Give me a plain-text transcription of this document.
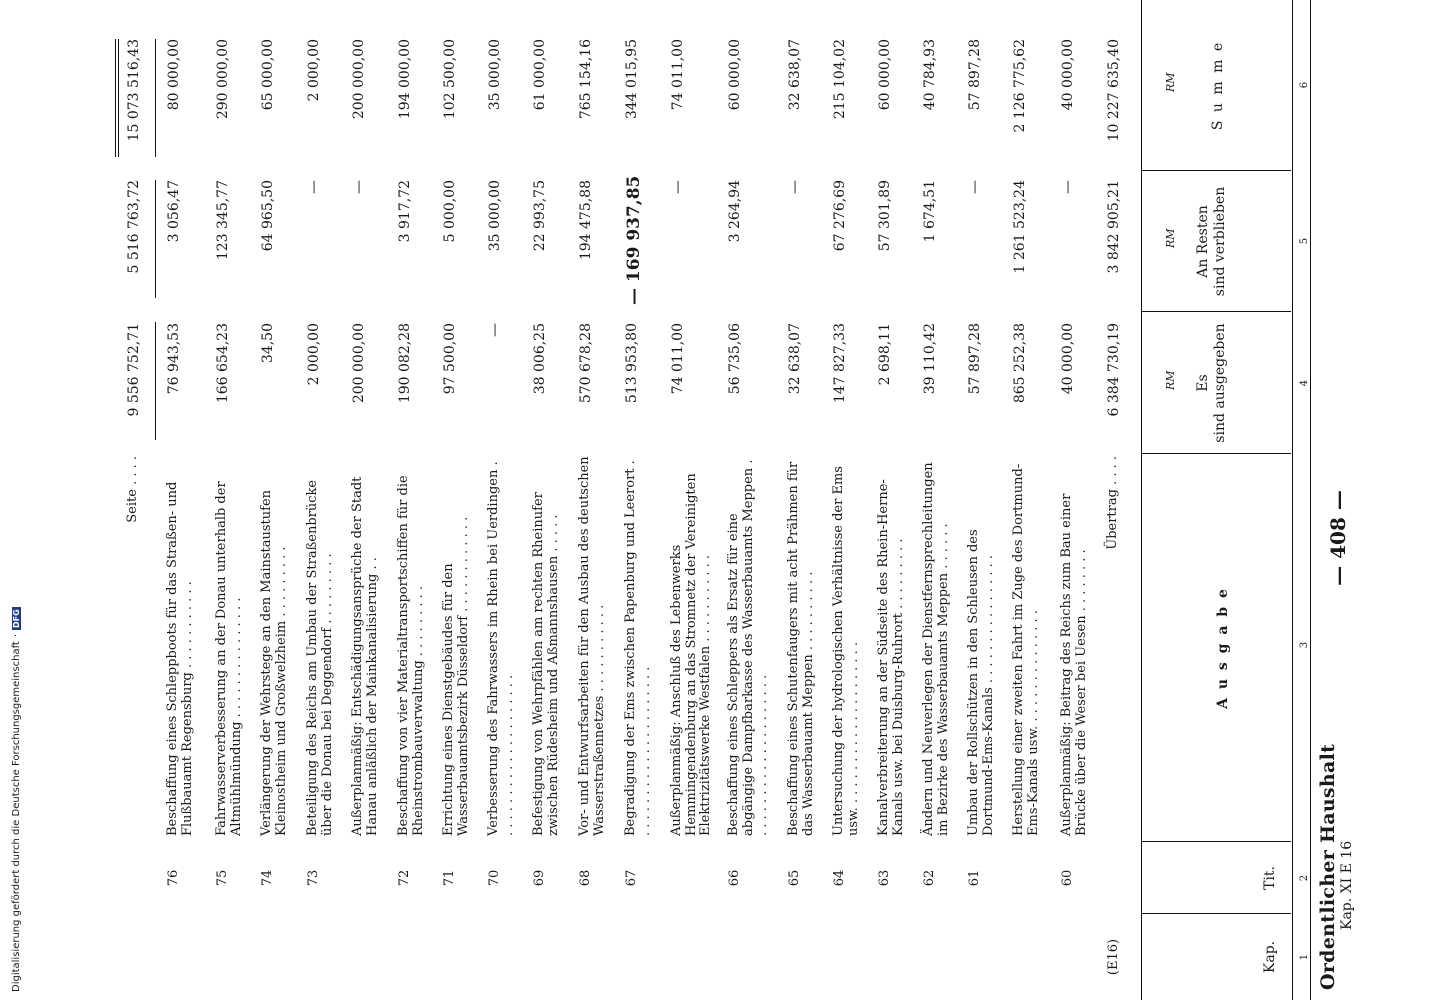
Digitalisierung gefördert durch die Deutsche Forschungsgemeinschaft
·
DFG
Ordentlicher Haushalt Kap. XI E 16
— 408 —
1
2
3
4
5
6
Kap.
Tit.
A u s g a b e
Es
sind ausgegeben
An Resten
sind verblieben
S u m m e
RM
RM
RM
(E16)
Übertrag . . . .
6 384 730,19
3 842 905,21
10 227 635,40
60
Außerplanmäßig: Beitrag des Reichs zum Bau einer Brücke über die Weser bei Uesen . . . . . . . .
40 000,00
—
40 000,00
Herstellung einer zweiten Fahrt im Zuge des Dortmund-Ems-Kanals usw. . . . . . . . . . . . . . .
865 252,38
1 261 523,24
2 126 775,62
61
Umbau der Rollschützen in den Schleusen des Dortmund-Ems-Kanals . . . . . . . . . . . . . . . .
57 897,28
—
57 897,28
62
Ändern und Neuverlegen der Dienstfernsprechleitungen im Bezirke des Wasserbauamts Meppen . . . . . .
39 110,42
1 674,51
40 784,93
63
Kanalverbreiterung an der Südseite des Rhein-Herne-Kanals usw. bei Duisburg-Ruhrort . . . . . . . . .
2 698,11
57 301,89
60 000,00
64
Untersuchung der hydrologischen Verhältnisse der Ems usw. . . . . . . . . . . . . . . . . . . . .
147 827,33
67 276,69
215 104,02
65
Beschaffung eines Schutenfaugers mit acht Prähmen für das Wasserbauamt Meppen . . . . . . . . . .
32 638,07
—
32 638,07
66
Beschaffung eines Schleppers als Ersatz für eine abgängige Dampfbarkasse des Wasserbauamts Meppen . . . . . . . . . . . . . . . . . . . . .
56 735,06
3 264,94
60 000,00
Außerplanmäßig: Anschluß des Lebenwerks Hemmingendenburg an das Stromnetz der Vereinigten Elektrizitätswerke Westfalen . . . . . . . . . . .
74 011,00
—
74 011,00
67
Begradigung der Ems zwischen Papenburg und Leerort . . . . . . . . . . . . . . . . . . . . . .
513 953,80
— 169 937,85
344 015,95
68
Vor- und Entwurfsarbeiten für den Ausbau des deutschen Wasserstraßennetzes . . . . . . . . . . .
570 678,28
194 475,88
765 154,16
69
Befestigung von Wehrpfählen am rechten Rheinufer zwischen Rüdesheim und Aßmannshausen . . . . .
38 006,25
22 993,75
61 000,00
70
Verbesserung des Fahrwassers im Rhein bei Uerdingen . . . . . . . . . . . . . . . . . . . . .
—
35 000,00
35 000,00
71
Errichtung eines Dienstgebäudes für den Wasserbauamtsbezirk Düsseldorf . . . . . . . . . . . .
97 500,00
5 000,00
102 500,00
72
Beschaffung von vier Materialtransportschiffen für die Rheinstrombauverwaltung . . . . . . . . .
190 082,28
3 917,72
194 000,00
Außerplanmäßig: Entschädigungsansprüche der Stadt Hanau anläßlich der Mainkanalisierung . .
200 000,00
—
200 000,00
73
Beteiligung des Reichs am Umbau der Straßenbrücke über die Donau bei Deggendorf . . . . . . . . .
2 000,00
—
2 000,00
74
Verlängerung der Wehrstege an den Mainstaustufen Kleinostheim und Großwelzheim . . . . . . . . .
34,50
64 965,50
65 000,00
75
Fahrwasserverbesserung an der Donau unterhalb der Altmühlmündung . . . . . . . . . . . . . . .
166 654,23
123 345,77
290 000,00
76
Beschaffung eines Schleppboots für das Straßen- und Flußbauamt Regensburg . . . . . . . . . . .
76 943,53
3 056,47
80 000,00
Seite . . . .
9 556 752,71
5 516 763,72
15 073 516,43
